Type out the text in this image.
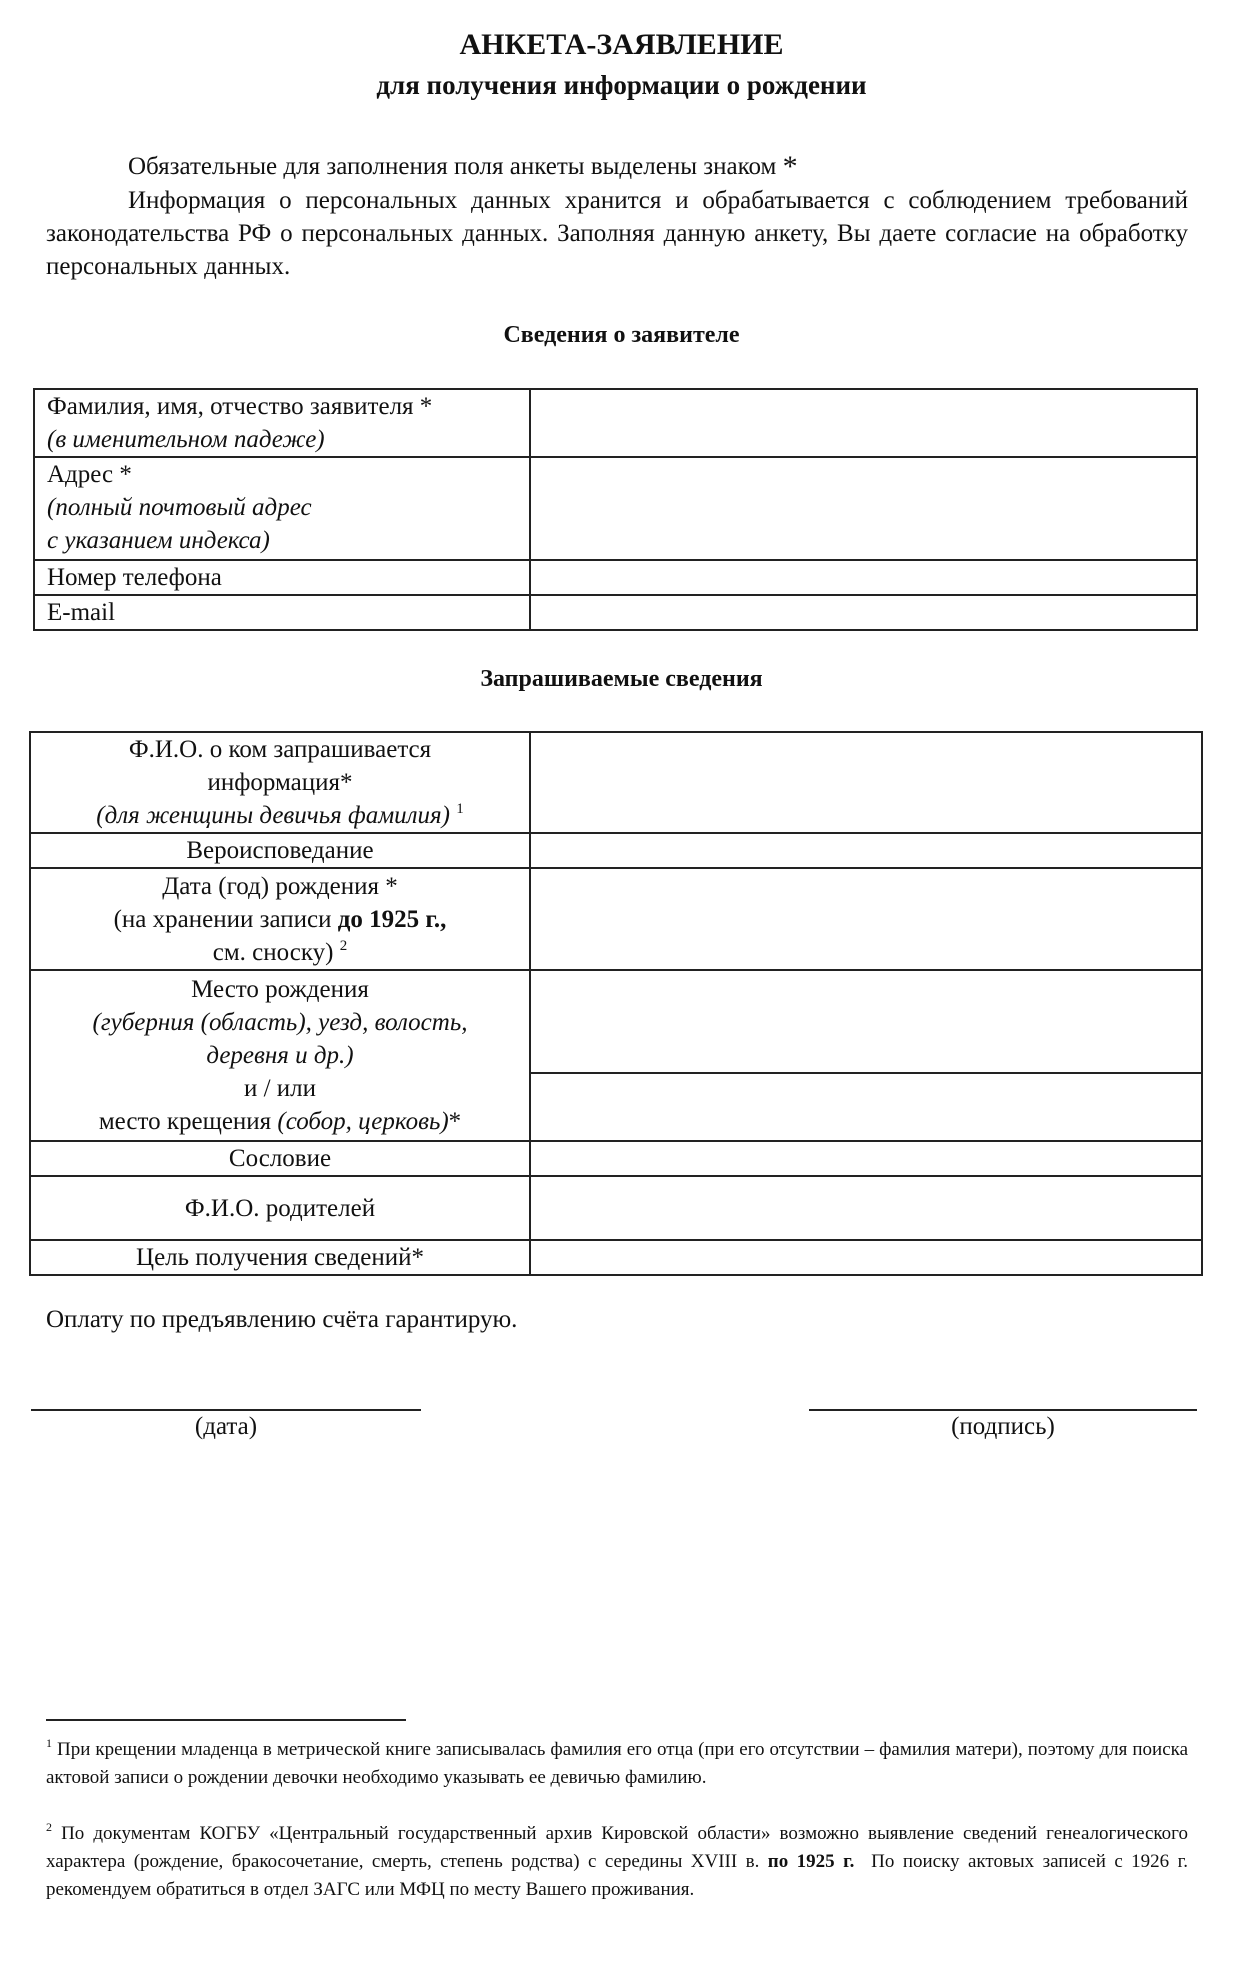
АНКЕТА-ЗАЯВЛЕНИЕ
для получения информации о рождении
Обязательные для заполнения поля анкеты выделены знаком *
Информация о персональных данных хранится и обрабатывается с соблюдением требований законодательства РФ о персональных данных. Заполняя данную анкету, Вы даете согласие на обработку персональных данных.
Сведения о заявителе
Фамилия, имя, отчество заявителя *
(в именительном падеже)	

Адрес *
(полный почтовый адрес
с указанием индекса)	

Номер телефона	
E-mail	
Запрашиваемые сведения
Ф.И.О. о ком запрашивается
информация*
(для женщины девичья фамилия) $^1$

Вероисповедание	

Дата (год) рождения *
(на хранении записи до 1925 г.,
см. сноску) $^2$

Место рождения
(губерния (область), уезд, волость,
деревня и др.)
и / или
место крещения (собор, церковь)*	

Сословие	
Ф.И.О. родителей	
Цель получения сведений*	
Оплату по предъявлению счёта гарантирую.
(дата)	(подпись)
$^1$ При крещении младенца в метрической книге записывалась фамилия его отца (при его отсутствии – фамилия матери), поэтому для поиска актовой записи о рождении девочки необходимо указывать ее девичью фамилию.
$^2$ По документам КОГБУ «Центральный государственный архив Кировской области» возможно выявление сведений генеалогического характера (рождение, бракосочетание, смерть, степень родства) с середины XVIII в. по 1925 г.  По поиску актовых записей с 1926 г. рекомендуем обратиться в отдел ЗАГС или МФЦ по месту Вашего проживания.
